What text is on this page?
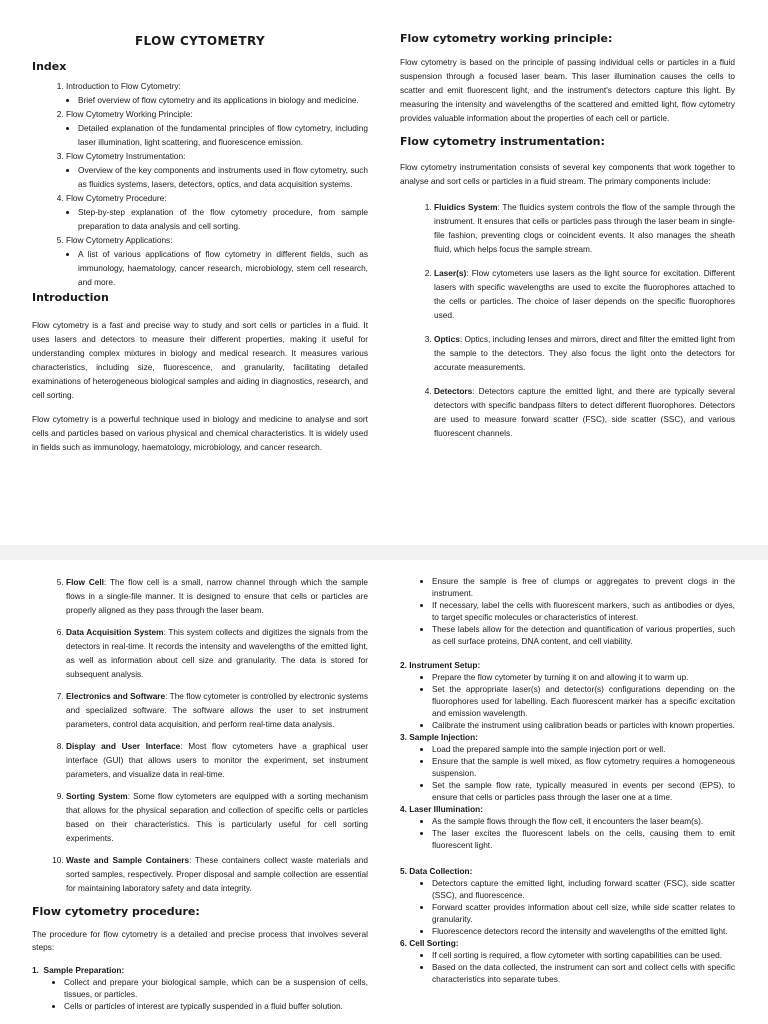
FLOW CYTOMETRY
Index
1. Introduction to Flow Cytometry:
• Brief overview of flow cytometry and its applications in biology and medicine.
2. Flow Cytometry Working Principle:
• Detailed explanation of the fundamental principles of flow cytometry, including laser illumination, light scattering, and fluorescence emission.
3. Flow Cytometry Instrumentation:
• Overview of the key components and instruments used in flow cytometry, such as fluidics systems, lasers, detectors, optics, and data acquisition systems.
4. Flow Cytometry Procedure:
• Step-by-step explanation of the flow cytometry procedure, from sample preparation to data analysis and cell sorting.
5. Flow Cytometry Applications:
• A list of various applications of flow cytometry in different fields, such as immunology, haematology, cancer research, microbiology, stem cell research, and more.
Introduction

Flow cytometry is a fast and precise way to study and sort cells or particles in a fluid. It uses lasers and detectors to measure their different properties, making it useful for understanding complex mixtures in biology and medical research. It measures various characteristics, including size, fluorescence, and granularity, facilitating detailed examinations of heterogeneous biological samples and aiding in diagnostics, research, and cell sorting.

Flow cytometry is a powerful technique used in biology and medicine to analyse and sort cells and particles based on various physical and chemical characteristics. It is widely used in fields such as immunology, haematology, microbiology, and cancer research.

Flow cytometry working principle:

Flow cytometry is based on the principle of passing individual cells or particles in a fluid suspension through a focused laser beam. This laser illumination causes the cells to scatter and emit fluorescent light, and the instrument's detectors capture this light. By measuring the intensity and wavelengths of the scattered and emitted light, flow cytometry provides valuable information about the properties of each cell or particle.

Flow cytometry instrumentation:

Flow cytometry instrumentation consists of several key components that work together to analyse and sort cells or particles in a fluid stream. The primary components include:

1. Fluidics System: The fluidics system controls the flow of the sample through the instrument. It ensures that cells or particles pass through the laser beam in single-file fashion, preventing clogs or coincident events. It also manages the sheath fluid, which helps focus the sample stream.
2. Laser(s): Flow cytometers use lasers as the light source for excitation. Different lasers with specific wavelengths are used to excite the fluorophores attached to the cells or particles. The choice of laser depends on the specific fluorophores used.
3. Optics: Optics, including lenses and mirrors, direct and filter the emitted light from the sample to the detectors. They also focus the light onto the detectors for accurate measurements.
4. Detectors: Detectors capture the emitted light, and there are typically several detectors with specific bandpass filters to detect different fluorophores. Detectors are used to measure forward scatter (FSC), side scatter (SSC), and various fluorescent channels.
5. Flow Cell: The flow cell is a small, narrow channel through which the sample flows in a single-file manner. It is designed to ensure that cells or particles are properly aligned as they pass through the laser beam.
6. Data Acquisition System: This system collects and digitizes the signals from the detectors in real-time. It records the intensity and wavelengths of the emitted light, as well as information about cell size and granularity. The data is stored for subsequent analysis.
7. Electronics and Software: The flow cytometer is controlled by electronic systems and specialized software. The software allows the user to set instrument parameters, control data acquisition, and perform real-time data analysis.
8. Display and User Interface: Most flow cytometers have a graphical user interface (GUI) that allows users to monitor the experiment, set instrument parameters, and visualize data in real-time.
9. Sorting System: Some flow cytometers are equipped with a sorting mechanism that allows for the physical separation and collection of specific cells or particles based on their characteristics. This is particularly useful for cell sorting experiments.
10. Waste and Sample Containers: These containers collect waste materials and sorted samples, respectively. Proper disposal and sample collection are essential for maintaining laboratory safety and data integrity.
Flow cytometry procedure:

The procedure for flow cytometry is a detailed and precise process that involves several steps:

1.  Sample Preparation:

• Collect and prepare your biological sample, which can be a suspension of cells, tissues, or particles.
• Cells or particles of interest are typically suspended in a fluid buffer solution.
• Ensure the sample is free of clumps or aggregates to prevent clogs in the instrument.
• If necessary, label the cells with fluorescent markers, such as antibodies or dyes, to target specific molecules or characteristics of interest.
• These labels allow for the detection and quantification of various properties, such as cell surface proteins, DNA content, and cell viability.

2. Instrument Setup:

• Prepare the flow cytometer by turning it on and allowing it to warm up.
• Set the appropriate laser(s) and detector(s) configurations depending on the fluorophores used for labelling. Each fluorescent marker has a specific excitation and emission wavelength.
• Calibrate the instrument using calibration beads or particles with known properties.

3. Sample Injection:

• Load the prepared sample into the sample injection port or well.
• Ensure that the sample is well mixed, as flow cytometry requires a homogeneous suspension.
• Set the sample flow rate, typically measured in events per second (EPS), to ensure that cells or particles pass through the laser one at a time.

4. Laser Illumination:

• As the sample flows through the flow cell, it encounters the laser beam(s).
• The laser excites the fluorescent labels on the cells, causing them to emit fluorescent light.

5. Data Collection:

• Detectors capture the emitted light, including forward scatter (FSC), side scatter (SSC), and fluorescence.
• Forward scatter provides information about cell size, while side scatter relates to granularity.
• Fluorescence detectors record the intensity and wavelengths of the emitted light.

6. Cell Sorting:

• If cell sorting is required, a flow cytometer with sorting capabilities can be used.
• Based on the data collected, the instrument can sort and collect cells with specific characteristics into separate tubes.
